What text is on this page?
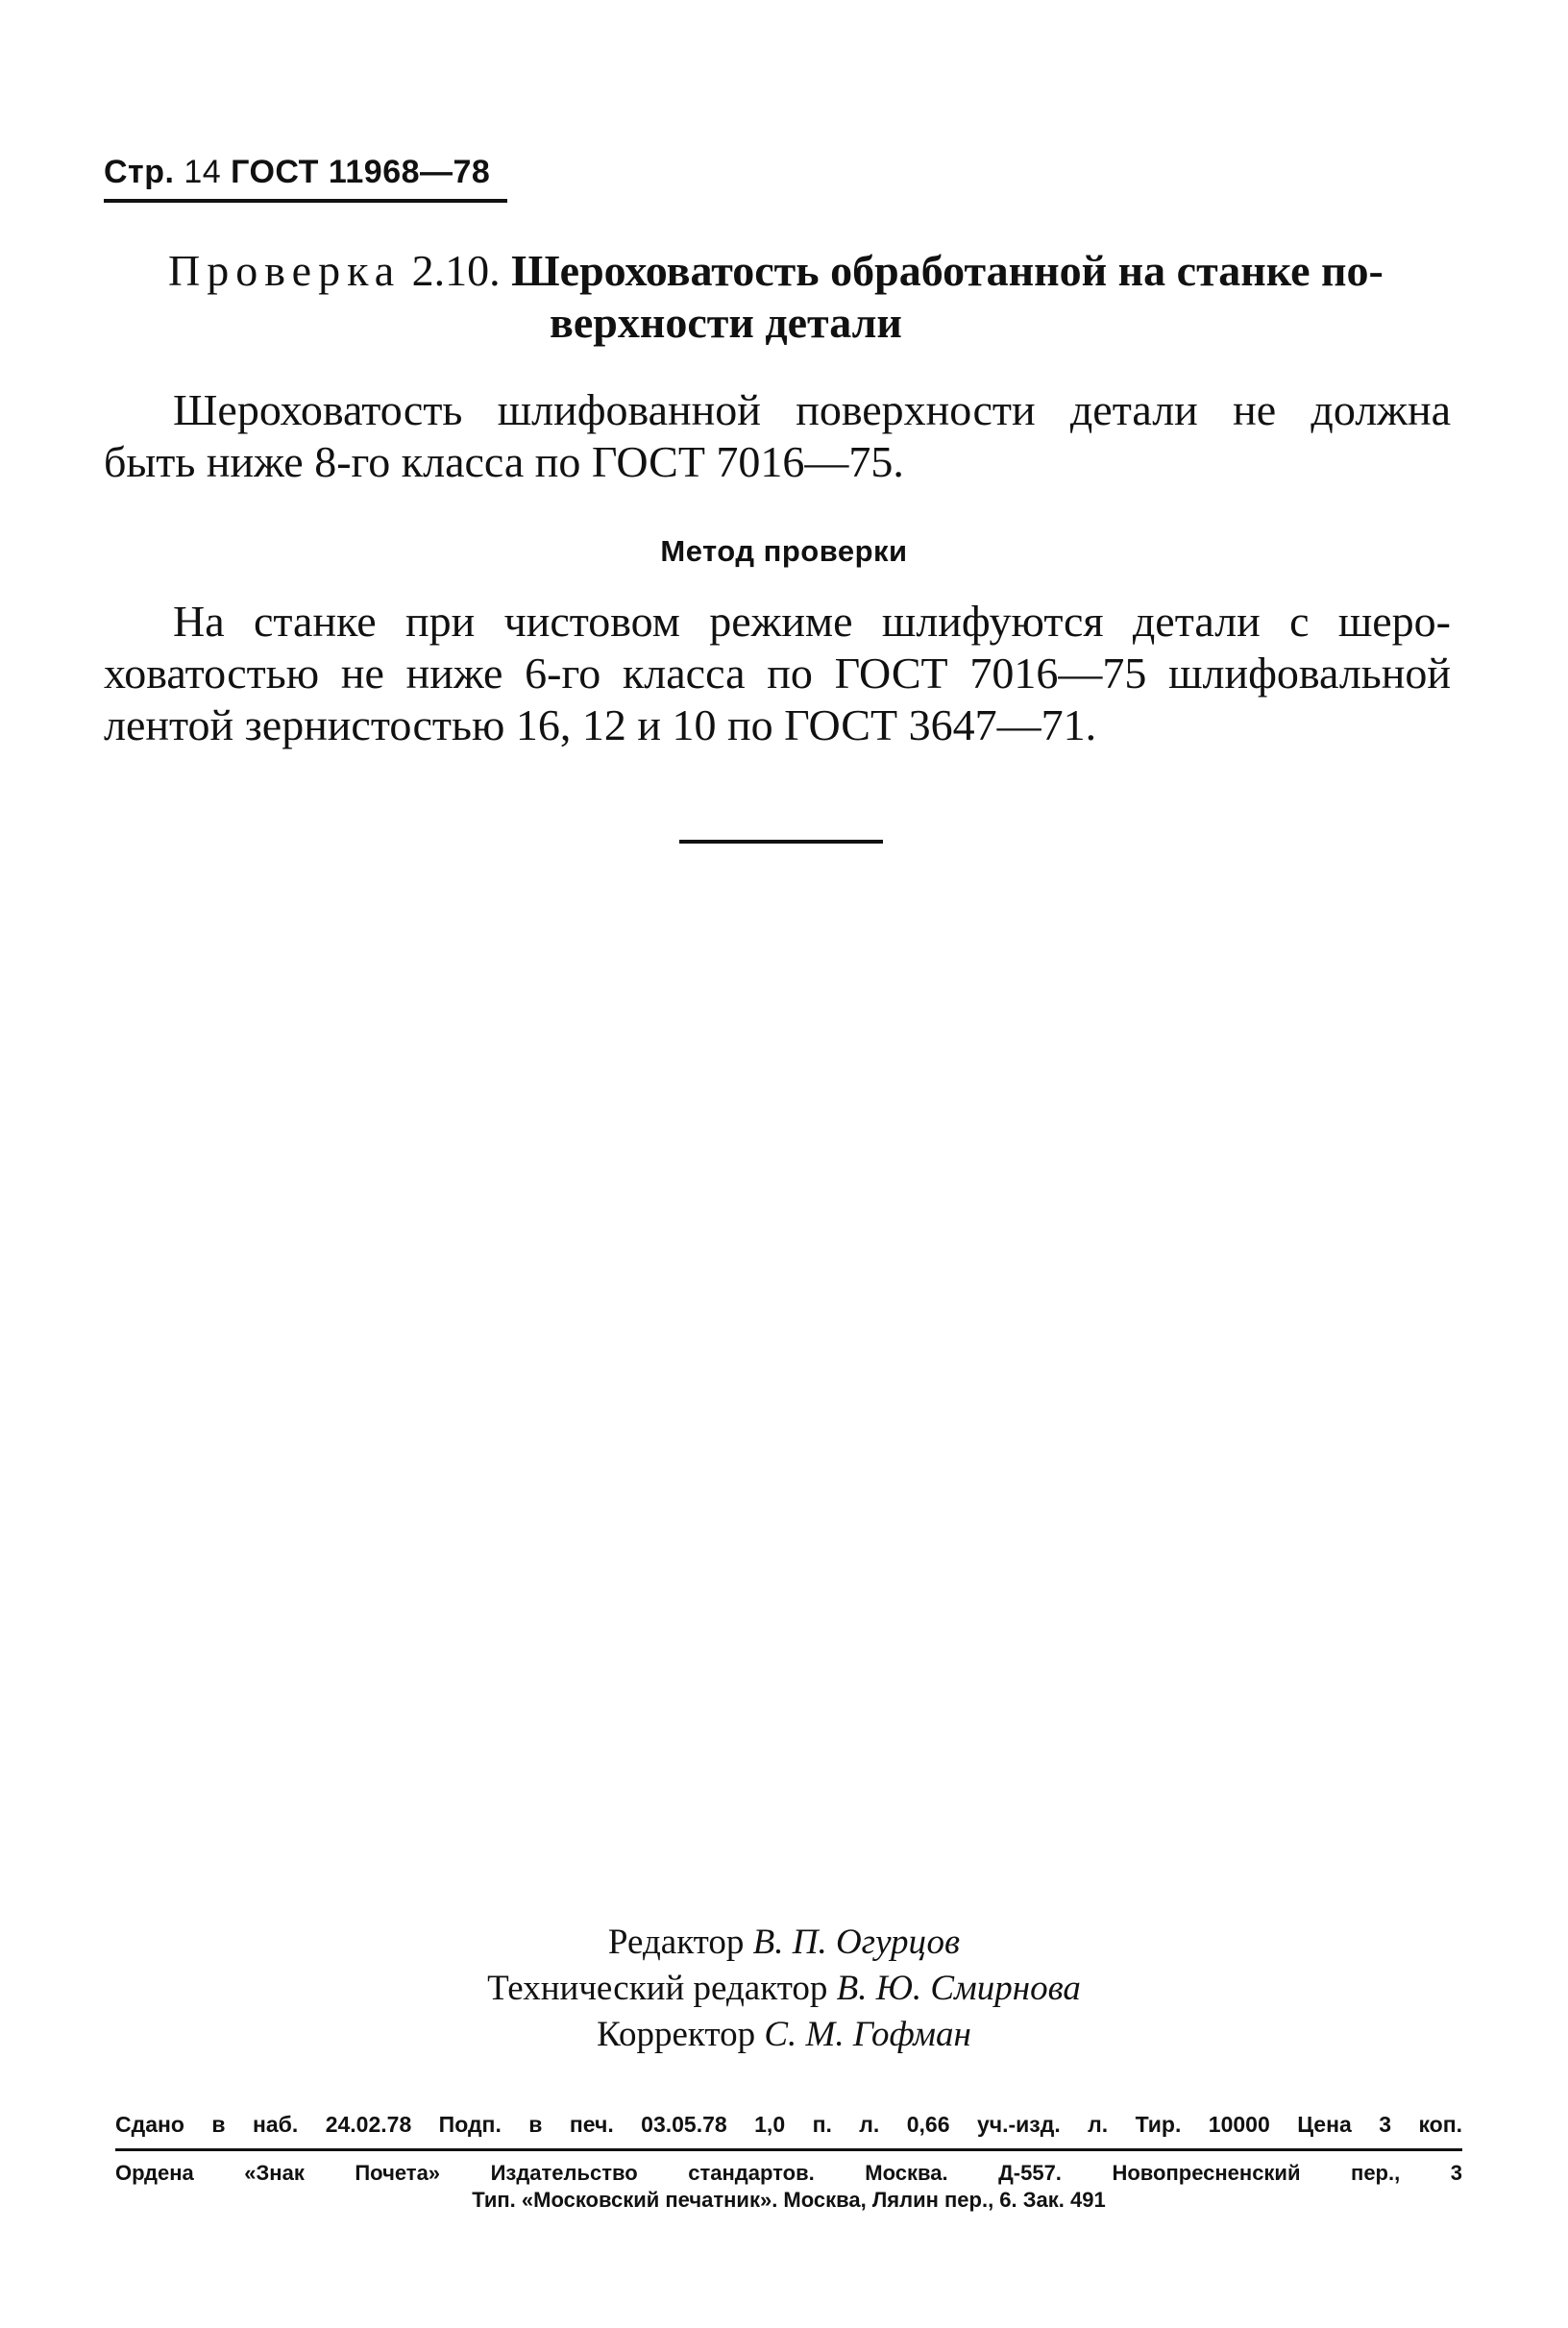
Стр. 14 ГОСТ 11968—78
Проверка 2.10. Шероховатость обработанной на станке по-
верхности детали
Шероховатость шлифованной поверхности детали не должна
быть ниже 8-го класса по ГОСТ 7016—75.
Метод проверки
На станке при чистовом режиме шлифуются детали с шеро-
ховатостью не ниже 6-го класса по ГОСТ 7016—75 шлифовальной
лентой зернистостью 16, 12 и 10 по ГОСТ 3647—71.
Редактор В. П. Огурцов
Технический редактор В. Ю. Смирнова
Корректор С. М. Гофман
Сдано в наб. 24.02.78 Подп. в печ. 03.05.78 1,0 п. л. 0,66 уч.-изд. л. Тир. 10000 Цена 3 коп.
Ордена «Знак Почета» Издательство стандартов. Москва. Д-557. Новопресненский пер., 3
Тип. «Московский печатник». Москва, Лялин пер., 6. Зак. 491
